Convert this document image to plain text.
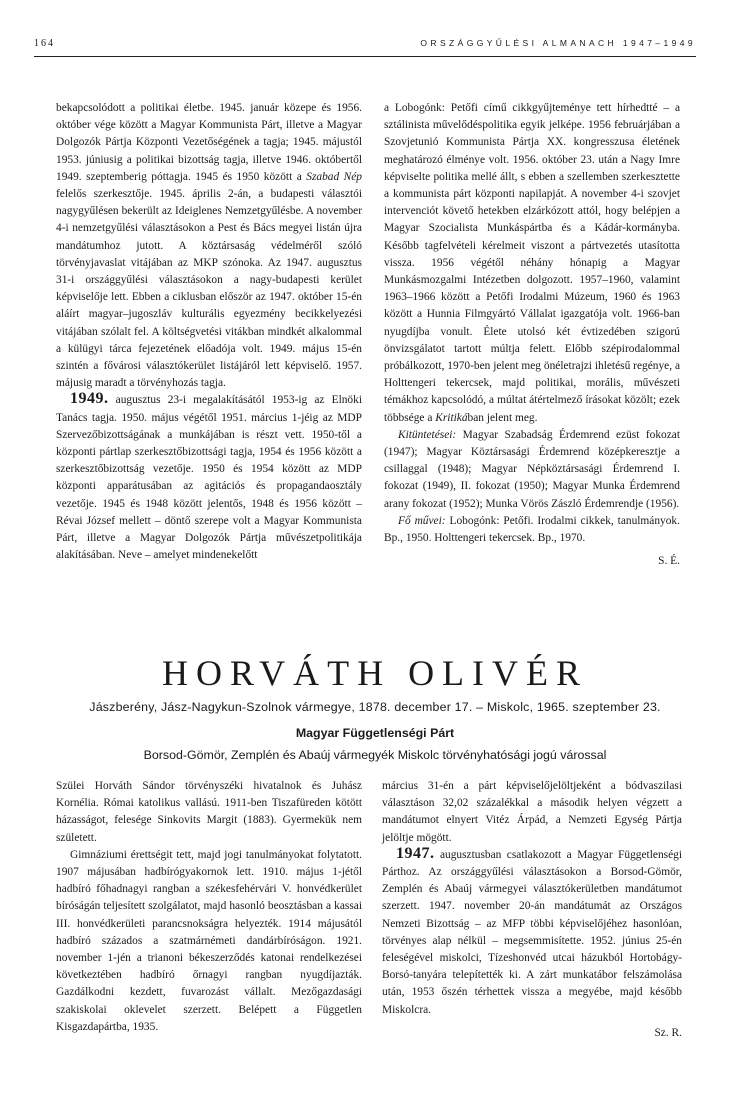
164	ORSZÁGGYŰLÉSI ALMANACH 1947–1949

bekapcsolódott a politikai életbe. 1945. január közepe és 1956. október vége között a Magyar Kommunista Párt, illetve a Magyar Dolgozók Pártja Központi Vezetőségének a tagja; 1945. májustól 1953. júniusig a politikai bizottság tagja, illetve 1946. októbertől 1949. szeptemberig póttagja. 1945 és 1950 között a Szabad Nép felelős szerkesztője. 1945. április 2-án, a budapesti választói nagygyűlésen bekerült az Ideiglenes Nemzetgyűlésbe. A november 4-i nemzetgyűlési választásokon a Pest és Bács megyei listán újra mandátumhoz jutott. A köztársaság védelméről szóló törvényjavaslat vitájában az MKP szónoka. Az 1947. augusztus 31-i országgyűlési választásokon a nagy-budapesti kerület képviselője lett. Ebben a ciklusban először az 1947. október 15-én aláírt magyar–jugoszláv kulturális egyezmény becikkelyezési vitájában szólalt fel. A költségvetési vitákban mindkét alkalommal a külügyi tárca fejezetének előadója volt. 1949. május 15-én szintén a fővárosi választókerület listájáról lett képviselő. 1957. májusig maradt a törvényhozás tagja.

1949. augusztus 23-i megalakításától 1953-ig az Elnöki Tanács tagja. 1950. május végétől 1951. március 1-jéig az MDP Szervezőbizottságának a munkájában is részt vett. 1950-től a központi pártlap szerkesztőbizottsági tagja, 1954 és 1956 között a szerkesztőbizottság vezetője. 1950 és 1954 között az MDP központi apparátusában az agitációs és propagandaosztály vezetője. 1945 és 1948 között jelentős, 1948 és 1956 között – Révai József mellett – döntő szerepe volt a Magyar Kommunista Párt, illetve a Magyar Dolgozók Pártja művészetpolitikája alakításában. Neve – amelyet mindenekelőtt

a Lobogónk: Petőfi című cikkgyűjteménye tett hírhedtté – a sztálinista művelődéspolitika egyik jelképe. 1956 februárjában a Szovjetunió Kommunista Pártja XX. kongresszusa életének meghatározó élménye volt. 1956. október 23. után a Nagy Imre képviselte politika mellé állt, s ebben a szellemben szerkesztette a kommunista párt központi napilapját. A november 4-i szovjet intervenciót követő hetekben elzárkózott attól, hogy belépjen a Magyar Szocialista Munkáspártba és a Kádár-kormányba. Később tagfelvételi kérelmeit viszont a pártvezetés utasította vissza. 1956 végétől néhány hónapig a Magyar Munkásmozgalmi Intézetben dolgozott. 1957–1960, valamint 1963–1966 között a Petőfi Irodalmi Múzeum, 1960 és 1963 között a Hunnia Filmgyártó Vállalat igazgatója volt. 1966-ban nyugdíjba vonult. Élete utolsó két évtizedében szigorú önvizsgálatot tartott múltja felett. Előbb szépirodalommal próbálkozott, 1970-ben jelent meg önéletrajzi ihletésű regénye, a Holttengeri tekercsek, majd politikai, morális, művészeti témákhoz kapcsolódó, a múltat átértelmező írásokat közölt; ezek többsége a Kritikában jelent meg.

Kitüntetései: Magyar Szabadság Érdemrend ezüst fokozat (1947); Magyar Köztársasági Érdemrend középkeresztje a csillaggal (1948); Magyar Népköztársasági Érdemrend I. fokozat (1949), II. fokozat (1950); Magyar Munka Érdemrend arany fokozat (1952); Munka Vörös Zászló Érdemrendje (1956).

Fő művei: Lobogónk: Petőfi. Irodalmi cikkek, tanulmányok. Bp., 1950. Holttengeri tekercsek. Bp., 1970.

S. É.

HORVÁTH OLIVÉR
Jászberény, Jász-Nagykun-Szolnok vármegye, 1878. december 17. – Miskolc, 1965. szeptember 23.
Magyar Függetlenségi Párt
Borsod-Gömör, Zemplén és Abaúj vármegyék Miskolc törvényhatósági jogú várossal

Szülei Horváth Sándor törvényszéki hivatalnok és Juhász Kornélia. Római katolikus vallású. 1911-ben Tiszafüreden kötött házasságot, felesége Sinkovits Margit (1883). Gyermekük nem született.

Gimnáziumi érettségit tett, majd jogi tanulmányokat folytatott. 1907 májusában hadbírógyakornok lett. 1910. május 1-jétől hadbíró főhadnagyi rangban a székesfehérvári V. honvédkerület bíróságán teljesített szolgálatot, majd hasonló beosztásban a kassai III. honvédkerületi parancsnokságra helyezték. 1914 májusától hadbíró százados a szatmárnémeti dandárbíróságon. 1921. november 1-jén a trianoni békeszerződés katonai rendelkezései következtében hadbíró őrnagyi rangban nyugdíjazták. Gazdálkodni kezdett, fuvarozást vállalt. Mezőgazdasági szakiskolai oklevelet szerzett. Belépett a Független Kisgazdapártba, 1935.

március 31-én a párt képviselőjelöltjeként a bódvaszilasi választáson 32,02 százalékkal a második helyen végzett a mandátumot elnyert Vitéz Árpád, a Nemzeti Egység Pártja jelöltje mögött.

1947. augusztusban csatlakozott a Magyar Függetlenségi Párthoz. Az országgyűlési választásokon a Borsod-Gömör, Zemplén és Abaúj vármegyei választókerületben mandátumot szerzett. 1947. november 20-án mandátumát az Országos Nemzeti Bizottság – az MFP többi képviselőjéhez hasonlóan, törvényes alap nélkül – megsemmisítette. 1952. június 25-én feleségével miskolci, Tízeshonvéd utcai házukból Hortobágy-Borsó-tanyára telepítették ki. A zárt munkatábor felszámolása után, 1953 őszén térhettek vissza a megyébe, majd később Miskolcra.

Sz. R.
